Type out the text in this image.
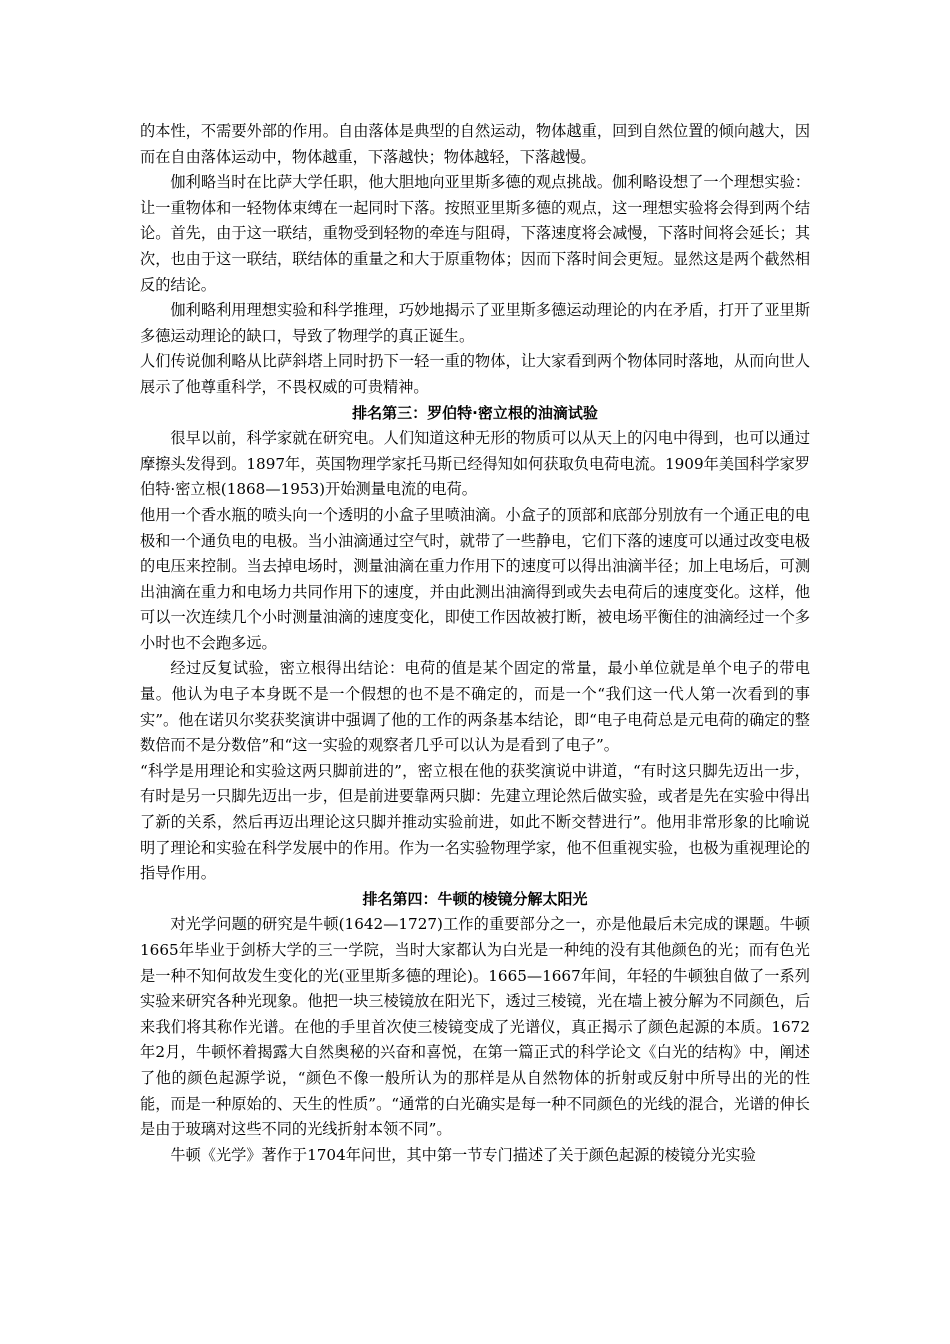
的本性，不需要外部的作用。自由落体是典型的自然运动，物体越重，回到自然位置的倾向越大，因而在自由落体运动中，物体越重，下落越快；物体越轻，下落越慢。

伽利略当时在比萨大学任职，他大胆地向亚里斯多德的观点挑战。伽利略设想了一个理想实验：让一重物体和一轻物体束缚在一起同时下落。按照亚里斯多德的观点，这一理想实验将会得到两个结论。首先，由于这一联结，重物受到轻物的牵连与阻碍，下落速度将会减慢，下落时间将会延长；其次，也由于这一联结，联结体的重量之和大于原重物体；因而下落时间会更短。显然这是两个截然相反的结论。

伽利略利用理想实验和科学推理，巧妙地揭示了亚里斯多德运动理论的内在矛盾，打开了亚里斯多德运动理论的缺口，导致了物理学的真正诞生。

人们传说伽利略从比萨斜塔上同时扔下一轻一重的物体，让大家看到两个物体同时落地，从而向世人展示了他尊重科学，不畏权威的可贵精神。

排名第三：罗伯特·密立根的油滴试验

很早以前，科学家就在研究电。人们知道这种无形的物质可以从天上的闪电中得到，也可以通过摩擦头发得到。1897年，英国物理学家托马斯已经得知如何获取负电荷电流。1909年美国科学家罗伯特·密立根(1868—1953)开始测量电流的电荷。

他用一个香水瓶的喷头向一个透明的小盒子里喷油滴。小盒子的顶部和底部分别放有一个通正电的电极和一个通负电的电极。当小油滴通过空气时，就带了一些静电，它们下落的速度可以通过改变电极的电压来控制。当去掉电场时，测量油滴在重力作用下的速度可以得出油滴半径；加上电场后，可测出油滴在重力和电场力共同作用下的速度，并由此测出油滴得到或失去电荷后的速度变化。这样，他可以一次连续几个小时测量油滴的速度变化，即使工作因故被打断，被电场平衡住的油滴经过一个多小时也不会跑多远。

经过反复试验，密立根得出结论：电荷的值是某个固定的常量，最小单位就是单个电子的带电量。他认为电子本身既不是一个假想的也不是不确定的，而是一个“我们这一代人第一次看到的事实”。他在诺贝尔奖获奖演讲中强调了他的工作的两条基本结论，即“电子电荷总是元电荷的确定的整数倍而不是分数倍”和“这一实验的观察者几乎可以认为是看到了电子”。

“科学是用理论和实验这两只脚前进的”，密立根在他的获奖演说中讲道，“有时这只脚先迈出一步，有时是另一只脚先迈出一步，但是前进要靠两只脚：先建立理论然后做实验，或者是先在实验中得出了新的关系，然后再迈出理论这只脚并推动实验前进，如此不断交替进行”。他用非常形象的比喻说明了理论和实验在科学发展中的作用。作为一名实验物理学家，他不但重视实验，也极为重视理论的指导作用。

排名第四：牛顿的棱镜分解太阳光

对光学问题的研究是牛顿(1642—1727)工作的重要部分之一，亦是他最后未完成的课题。牛顿1665年毕业于剑桥大学的三一学院，当时大家都认为白光是一种纯的没有其他颜色的光；而有色光是一种不知何故发生变化的光(亚里斯多德的理论)。1665—1667年间，年轻的牛顿独自做了一系列实验来研究各种光现象。他把一块三棱镜放在阳光下，透过三棱镜，光在墙上被分解为不同颜色，后来我们将其称作光谱。在他的手里首次使三棱镜变成了光谱仪，真正揭示了颜色起源的本质。1672年2月，牛顿怀着揭露大自然奥秘的兴奋和喜悦，在第一篇正式的科学论文《白光的结构》中，阐述了他的颜色起源学说，“颜色不像一般所认为的那样是从自然物体的折射或反射中所导出的光的性能，而是一种原始的、天生的性质”。“通常的白光确实是每一种不同颜色的光线的混合，光谱的伸长是由于玻璃对这些不同的光线折射本领不同”。

牛顿《光学》著作于1704年问世，其中第一节专门描述了关于颜色起源的棱镜分光实验
